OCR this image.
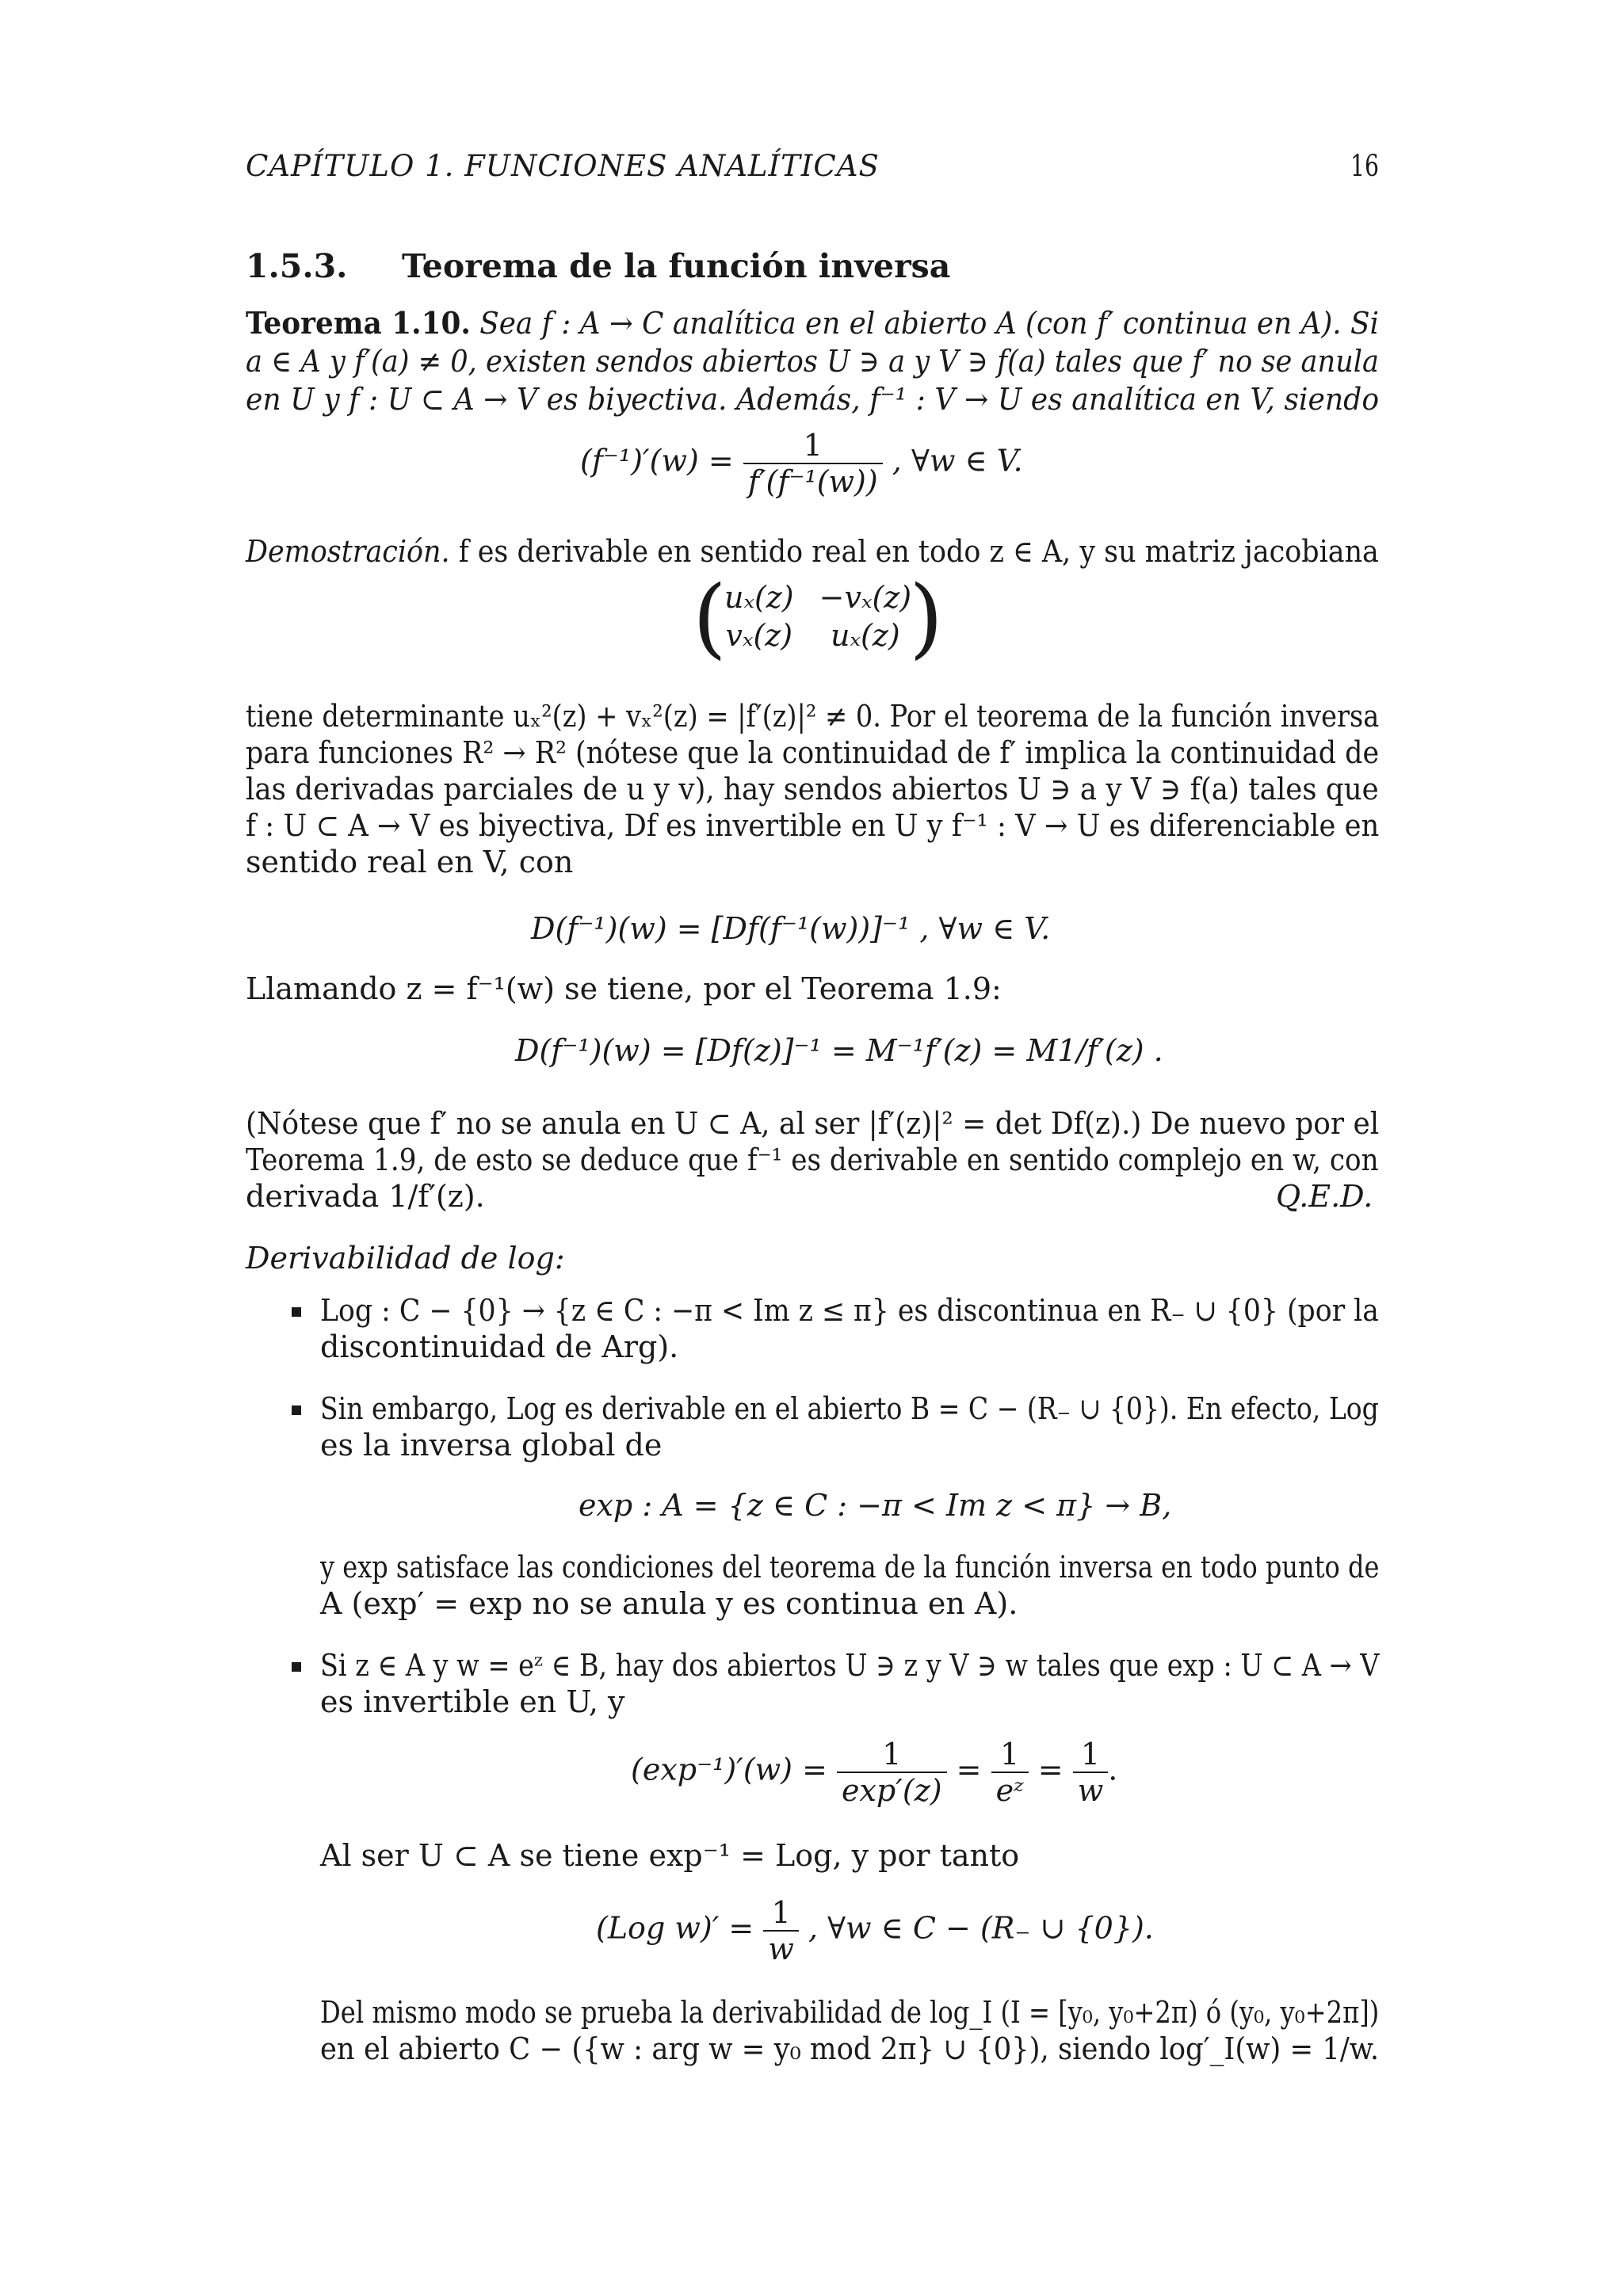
CAPÍTULO 1. FUNCIONES ANALÍTICAS	16
1.5.3. Teorema de la función inversa
Teorema 1.10. Sea f : A → C analítica en el abierto A (con f′ continua en A). Si
a ∈ A y f′(a) ≠ 0, existen sendos abiertos U ∋ a y V ∋ f(a) tales que f′ no se anula
en U y f : U ⊂ A → V es biyectiva. Además, f⁻¹ : V → U es analítica en V, siendo
$(f^{-1})'(w) = \frac{1}{\text{f′(f⁻¹(w))}}$ , ∀w ∈ V.
Demostración. f es derivable en sentido real en todo z ∈ A, y su matriz jacobiana
(
uₓ(z)	−vₓ(z)
vₓ(z)	uₓ(z) )
tiene determinante uₓ²(z) + vₓ²(z) = |f′(z)|² ≠ 0. Por el teorema de la función inversa
para funciones R² → R² (nótese que la continuidad de f′ implica la continuidad de
las derivadas parciales de u y v), hay sendos abiertos U ∋ a y V ∋ f(a) tales que
f : U ⊂ A → V es biyectiva, Df es invertible en U y f⁻¹ : V → U es diferenciable en
sentido real en V, con
D(f⁻¹)(w) = [Df(f⁻¹(w))]⁻¹ , ∀w ∈ V.
Llamando z = f⁻¹(w) se tiene, por el Teorema 1.9:
D(f⁻¹)(w) = [Df(z)]⁻¹ = M⁻¹f′(z) = M1/f′(z) .
(Nótese que f′ no se anula en U ⊂ A, al ser |f′(z)|² = det Df(z).) De nuevo por el
Teorema 1.9, de esto se deduce que f⁻¹ es derivable en sentido complejo en w, con
derivada 1/f′(z).	Q.E.D.
Derivabilidad de log:
Log : C − {0} → {z ∈ C : −π < Im z ≤ π} es discontinua en R₋ ∪ {0} (por la
discontinuidad de Arg).
Sin embargo, Log es derivable en el abierto B = C − (R₋ ∪ {0}). En efecto, Log
es la inversa global de
exp : A = {z ∈ C : −π < Im z < π} → B,
y exp satisface las condiciones del teorema de la función inversa en todo punto de
A (exp′ = exp no se anula y es continua en A).
Si z ∈ A y w = eᶻ ∈ B, hay dos abiertos U ∋ z y V ∋ w tales que exp : U ⊂ A → V
es invertible en U, y
$(\exp^{-1})'(w) = \frac{1}{\exp'(z)} = \frac{1}{\text{eᶻ}} = \frac{1}{w}$ .
Al ser U ⊂ A se tiene exp⁻¹ = Log, y por tanto
(Log $w)' = \frac{1}{w}$ , ∀w ∈ C − (R₋ ∪ {0}).
Del mismo modo se prueba la derivabilidad de log_I (I = [y₀, y₀+2π) ó (y₀, y₀+2π])
en el abierto C − ({w : arg w = y₀ mod 2π} ∪ {0}), siendo log′_I(w) = 1/w.
